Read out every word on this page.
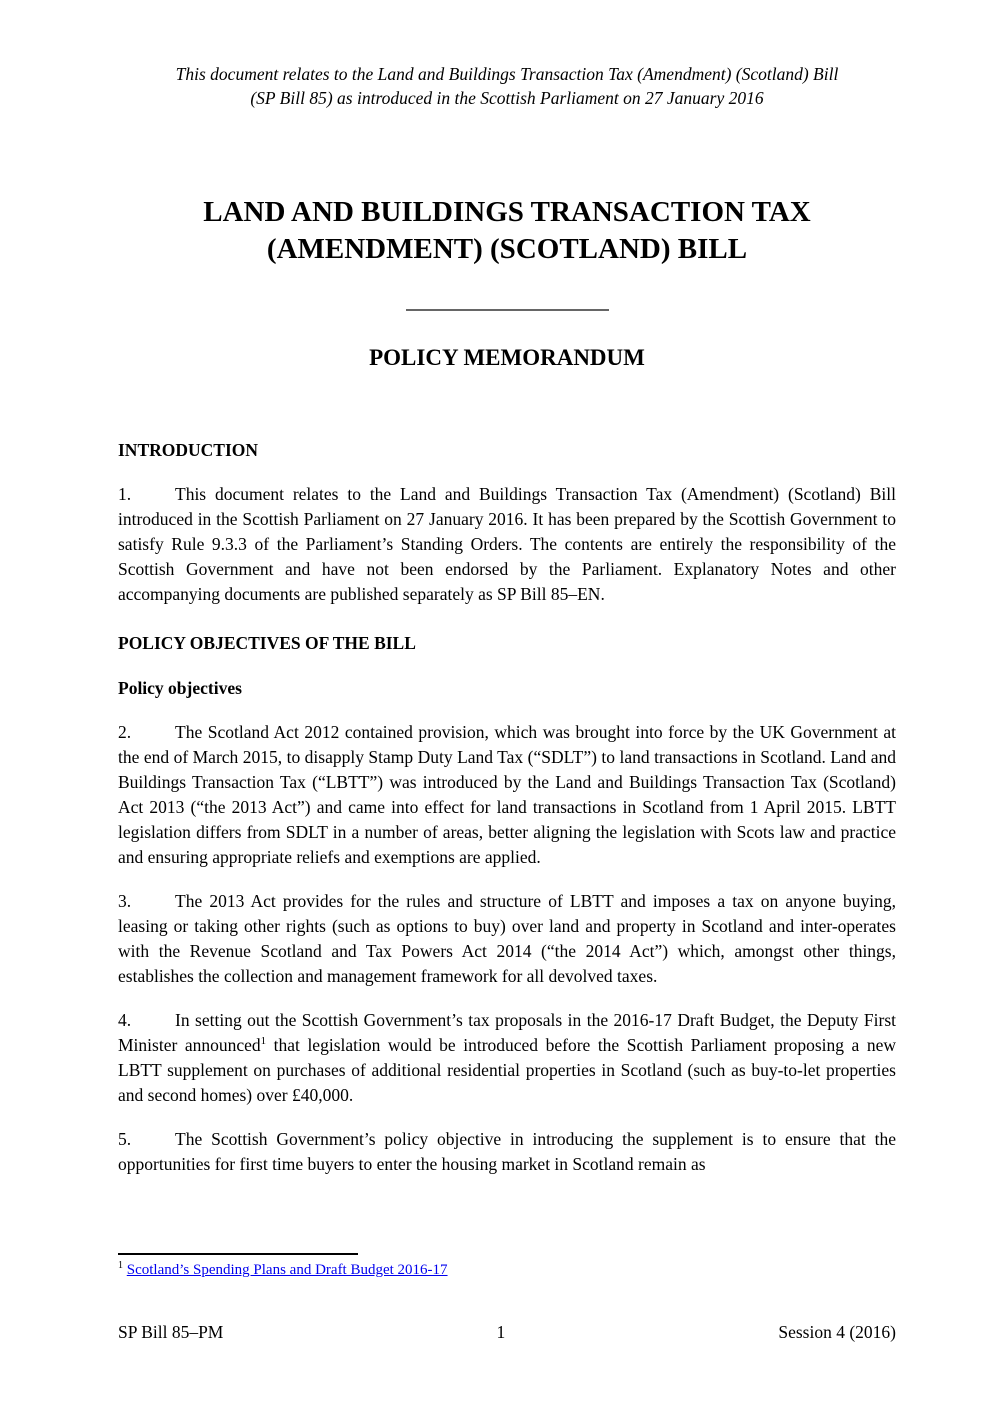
This document relates to the Land and Buildings Transaction Tax (Amendment) (Scotland) Bill
(SP Bill 85) as introduced in the Scottish Parliament on 27 January 2016
LAND AND BUILDINGS TRANSACTION TAX
(AMENDMENT) (SCOTLAND) BILL
POLICY MEMORANDUM
INTRODUCTION

1.	This document relates to the Land and Buildings Transaction Tax (Amendment) (Scotland) Bill introduced in the Scottish Parliament on 27 January 2016. It has been prepared by the Scottish Government to satisfy Rule 9.3.3 of the Parliament’s Standing Orders. The contents are entirely the responsibility of the Scottish Government and have not been endorsed by the Parliament. Explanatory Notes and other accompanying documents are published separately as SP Bill 85–EN.

POLICY OBJECTIVES OF THE BILL
Policy objectives

2.	The Scotland Act 2012 contained provision, which was brought into force by the UK Government at the end of March 2015, to disapply Stamp Duty Land Tax (“SDLT”) to land transactions in Scotland. Land and Buildings Transaction Tax (“LBTT”) was introduced by the Land and Buildings Transaction Tax (Scotland) Act 2013 (“the 2013 Act”) and came into effect for land transactions in Scotland from 1 April 2015. LBTT legislation differs from SDLT in a number of areas, better aligning the legislation with Scots law and practice and ensuring appropriate reliefs and exemptions are applied.

3.	The 2013 Act provides for the rules and structure of LBTT and imposes a tax on anyone buying, leasing or taking other rights (such as options to buy) over land and property in Scotland and inter-operates with the Revenue Scotland and Tax Powers Act 2014 (“the 2014 Act”) which, amongst other things, establishes the collection and management framework for all devolved taxes.

4.	In setting out the Scottish Government’s tax proposals in the 2016-17 Draft Budget, the Deputy First Minister announced$^1$ that legislation would be introduced before the Scottish Parliament proposing a new LBTT supplement on purchases of additional residential properties in Scotland (such as buy-to-let properties and second homes) over £40,000.

5.	The Scottish Government’s policy objective in introducing the supplement is to ensure that the opportunities for first time buyers to enter the housing market in Scotland remain as

$^1$ Scotland’s Spending Plans and Draft Budget 2016-17
SP Bill 85–PM	1	Session 4 (2016)
